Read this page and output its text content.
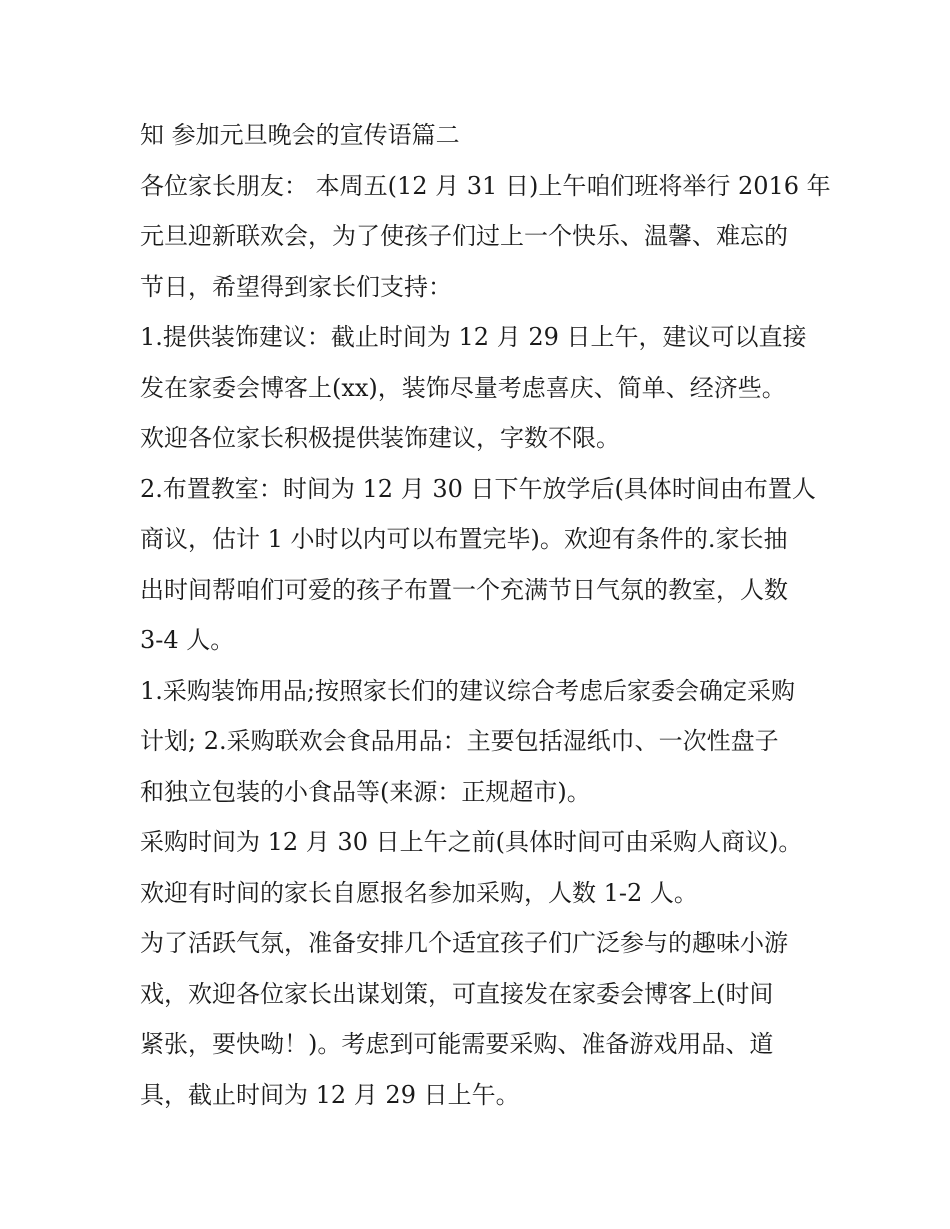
知 参加元旦晚会的宣传语篇二
各位家长朋友： 本周五(12 月 31 日)上午咱们班将举行 2016 年
元旦迎新联欢会，为了使孩子们过上一个快乐、温馨、难忘的
节日，希望得到家长们支持：
1.提供装饰建议：截止时间为 12 月 29 日上午，建议可以直接
发在家委会博客上(xx)，装饰尽量考虑喜庆、简单、经济些。
欢迎各位家长积极提供装饰建议，字数不限。
2.布置教室：时间为 12 月 30 日下午放学后(具体时间由布置人
商议，估计 1 小时以内可以布置完毕)。欢迎有条件的.家长抽
出时间帮咱们可爱的孩子布置一个充满节日气氛的教室，人数
3-4 人。
1.采购装饰用品;按照家长们的建议综合考虑后家委会确定采购
计划; 2.采购联欢会食品用品：主要包括湿纸巾、一次性盘子
和独立包装的小食品等(来源：正规超市)。
采购时间为 12 月 30 日上午之前(具体时间可由采购人商议)。
欢迎有时间的家长自愿报名参加采购，人数 1-2 人。
为了活跃气氛，准备安排几个适宜孩子们广泛参与的趣味小游
戏，欢迎各位家长出谋划策，可直接发在家委会博客上(时间
紧张，要快呦！)。考虑到可能需要采购、准备游戏用品、道
具，截止时间为 12 月 29 日上午。
